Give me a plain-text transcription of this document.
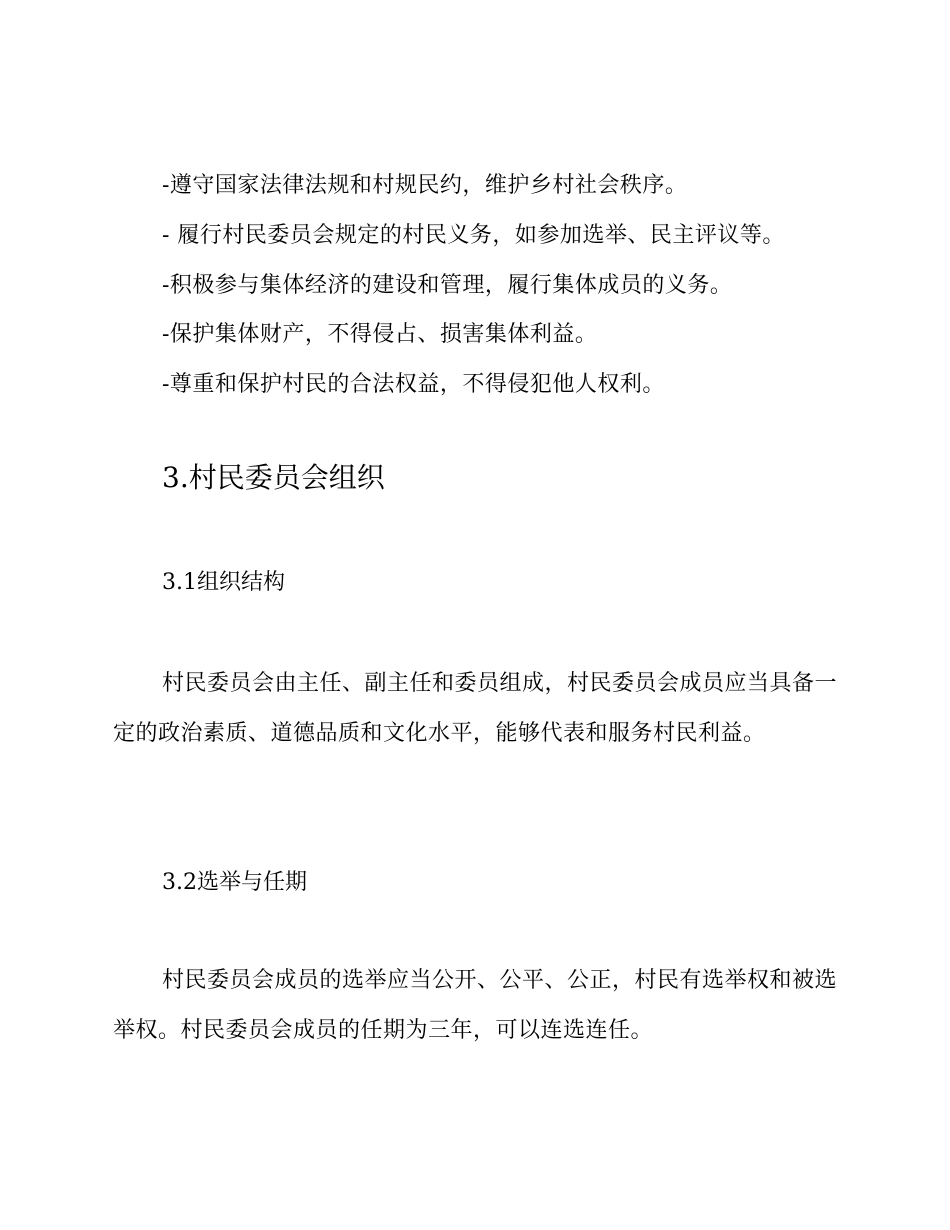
-遵守国家法律法规和村规民约，维护乡村社会秩序。
- 履行村民委员会规定的村民义务，如参加选举、民主评议等。
-积极参与集体经济的建设和管理，履行集体成员的义务。
-保护集体财产，不得侵占、损害集体利益。
-尊重和保护村民的合法权益，不得侵犯他人权利。
3.村民委员会组织
3.1组织结构

村民委员会由主任、副主任和委员组成，村民委员会成员应当具备一定的政治素质、道德品质和文化水平，能够代表和服务村民利益。

3.2选举与任期

村民委员会成员的选举应当公开、公平、公正，村民有选举权和被选举权。村民委员会成员的任期为三年，可以连选连任。
